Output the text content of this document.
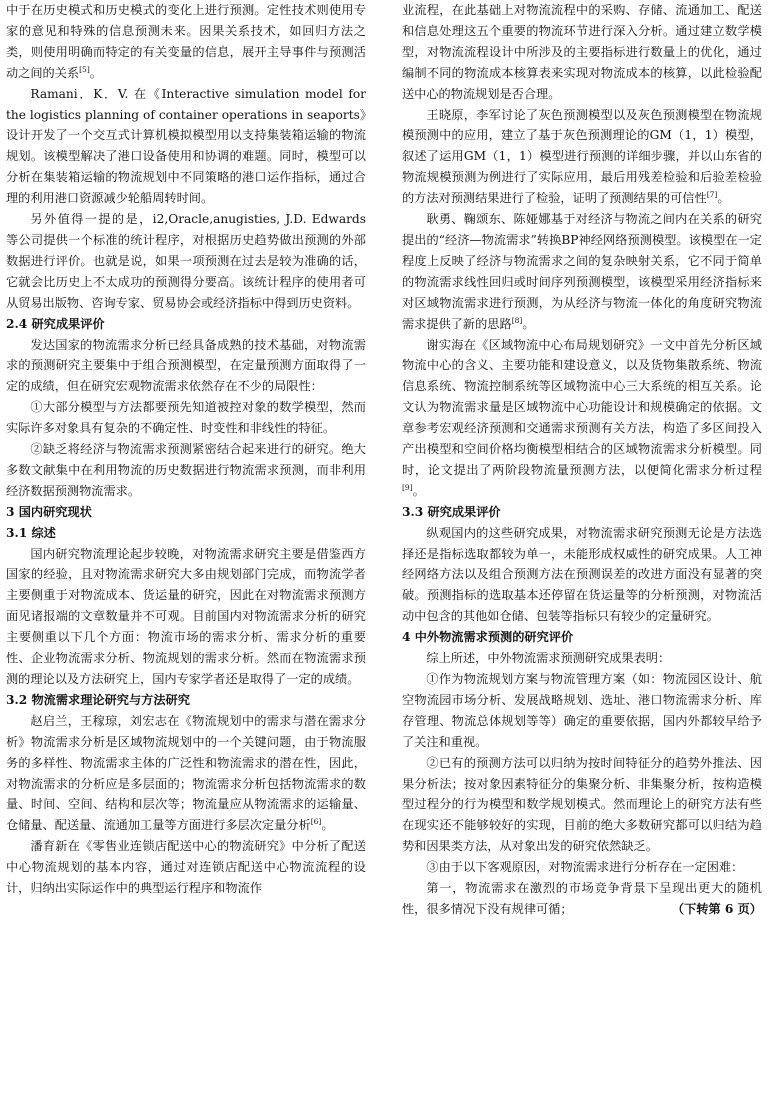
中于在历史模式和历史模式的变化上进行预测。定性技术则使用专家的意见和特殊的信息预测未来。因果关系技术，如回归方法之类，则使用明确而特定的有关变量的信息，展开主导事件与预测活动之间的关系[5]。

Ramani．K．V. 在《Interactive simulation model for the logistics planning of container operations in seaports》设计开发了一个交互式计算机模拟模型用以支持集装箱运输的物流规划。该模型解决了港口设备使用和协调的难题。同时，模型可以分析在集装箱运输的物流规划中不同策略的港口运作指标，通过合理的利用港口资源减少轮船周转时间。

另外值得一提的是，i2,Oracle,anugisties, J.D. Edwards 等公司提供一个标准的统计程序，对根据历史趋势做出预测的外部数据进行评价。也就是说，如果一项预测在过去是较为准确的话，它就会比历史上不太成功的预测得分要高。该统计程序的使用者可从贸易出版物、咨询专家、贸易协会或经济指标中得到历史资料。

2.4 研究成果评价

发达国家的物流需求分析已经具备成熟的技术基础，对物流需求的预测研究主要集中于组合预测模型，在定量预测方面取得了一定的成绩，但在研究宏观物流需求依然存在不少的局限性：

①大部分模型与方法都要预先知道被控对象的数学模型，然而实际许多对象具有复杂的不确定性、时变性和非线性的特征。

②缺乏将经济与物流需求预测紧密结合起来进行的研究。绝大多数文献集中在利用物流的历史数据进行物流需求预测，而非利用经济数据预测物流需求。

3 国内研究现状
3.1 综述

国内研究物流理论起步较晚，对物流需求研究主要是借鉴西方国家的经验，且对物流需求研究大多由规划部门完成，而物流学者主要侧重于对物流成本、货运量的研究，因此在对物流需求预测方面见诸报端的文章数量并不可观。目前国内对物流需求分析的研究主要侧重以下几个方面：物流市场的需求分析、需求分析的重要性、企业物流需求分析、物流规划的需求分析。然而在物流需求预测的理论以及方法研究上，国内专家学者还是取得了一定的成绩。

3.2 物流需求理论研究与方法研究

赵启兰，王稼琼，刘宏志在《物流规划中的需求与潜在需求分析》物流需求分析是区域物流规划中的一个关键问题，由于物流服务的多样性、物流需求主体的广泛性和物流需求的潜在性，因此，对物流需求的分析应是多层面的；物流需求分析包括物流需求的数量、时间、空间、结构和层次等；物流量应从物流需求的运输量、仓储量、配送量、流通加工量等方面进行多层次定量分析[6]。

潘育新在《零售业连锁店配送中心的物流研究》中分析了配送中心物流规划的基本内容，通过对连锁店配送中心物流流程的设计，归纳出实际运作中的典型运行程序和物流作

业流程，在此基础上对物流流程中的采购、存储、流通加工、配送和信息处理这五个重要的物流环节进行深入分析。通过建立数学模型，对物流流程设计中所涉及的主要指标进行数量上的优化，通过编制不同的物流成本核算表来实现对物流成本的核算，以此检验配送中心的物流规划是否合理。

王晓原，李军讨论了灰色预测模型以及灰色预测模型在物流规模预测中的应用，建立了基于灰色预测理论的GM（1，1）模型，叙述了运用GM（1，1）模型进行预测的详细步骤，并以山东省的物流规模预测为例进行了实际应用，最后用残差检验和后验差检验的方法对预测结果进行了检验，证明了预测结果的可信性[7]。

耿勇、鞠颂东、陈娅娜基于对经济与物流之间内在关系的研究提出的“经济—物流需求”转换BP神经网络预测模型。该模型在一定程度上反映了经济与物流需求之间的复杂映射关系，它不同于简单的物流需求线性回归或时间序列预测模型，该模型采用经济指标来对区域物流需求进行预测，为从经济与物流一体化的角度研究物流需求提供了新的思路[8]。

谢实海在《区域物流中心布局规划研究》一文中首先分析区域物流中心的含义、主要功能和建设意义，以及货物集散系统、物流信息系统、物流控制系统等区域物流中心三大系统的相互关系。论文认为物流需求量是区域物流中心功能设计和规模确定的依据。文章参考宏观经济预测和交通需求预测有关方法，构造了多区间投入产出模型和空间价格均衡模型相结合的区域物流需求分析模型。同时，论文提出了两阶段物流量预测方法，以便简化需求分析过程[9]。

3.3 研究成果评价

纵观国内的这些研究成果，对物流需求研究预测无论是方法选择还是指标选取都较为单一，未能形成权威性的研究成果。人工神经网络方法以及组合预测方法在预测误差的改进方面没有显著的突破。预测指标的选取基本还停留在货运量等的分析预测，对物流活动中包含的其他如仓储、包装等指标只有较少的定量研究。

4 中外物流需求预测的研究评价

综上所述，中外物流需求预测研究成果表明：

①作为物流规划方案与物流管理方案（如：物流园区设计、航空物流园市场分析、发展战略规划、选址、港口物流需求分析、库存管理、物流总体规划等等）确定的重要依据，国内外都较早给予了关注和重视。

②已有的预测方法可以归纳为按时间特征分的趋势外推法、因果分析法；按对象因素特征分的集聚分析、非集聚分析，按构造模型过程分的行为模型和数学规划模式。然而理论上的研究方法有些在现实还不能够较好的实现，目前的绝大多数研究都可以归结为趋势和因果类方法，从对象出发的研究依然缺乏。

③由于以下客观原因，对物流需求进行分析存在一定困难：

第一，物流需求在激烈的市场竞争背景下呈现出更大的随机性，很多情况下没有规律可循；	（下转第 6 页）
